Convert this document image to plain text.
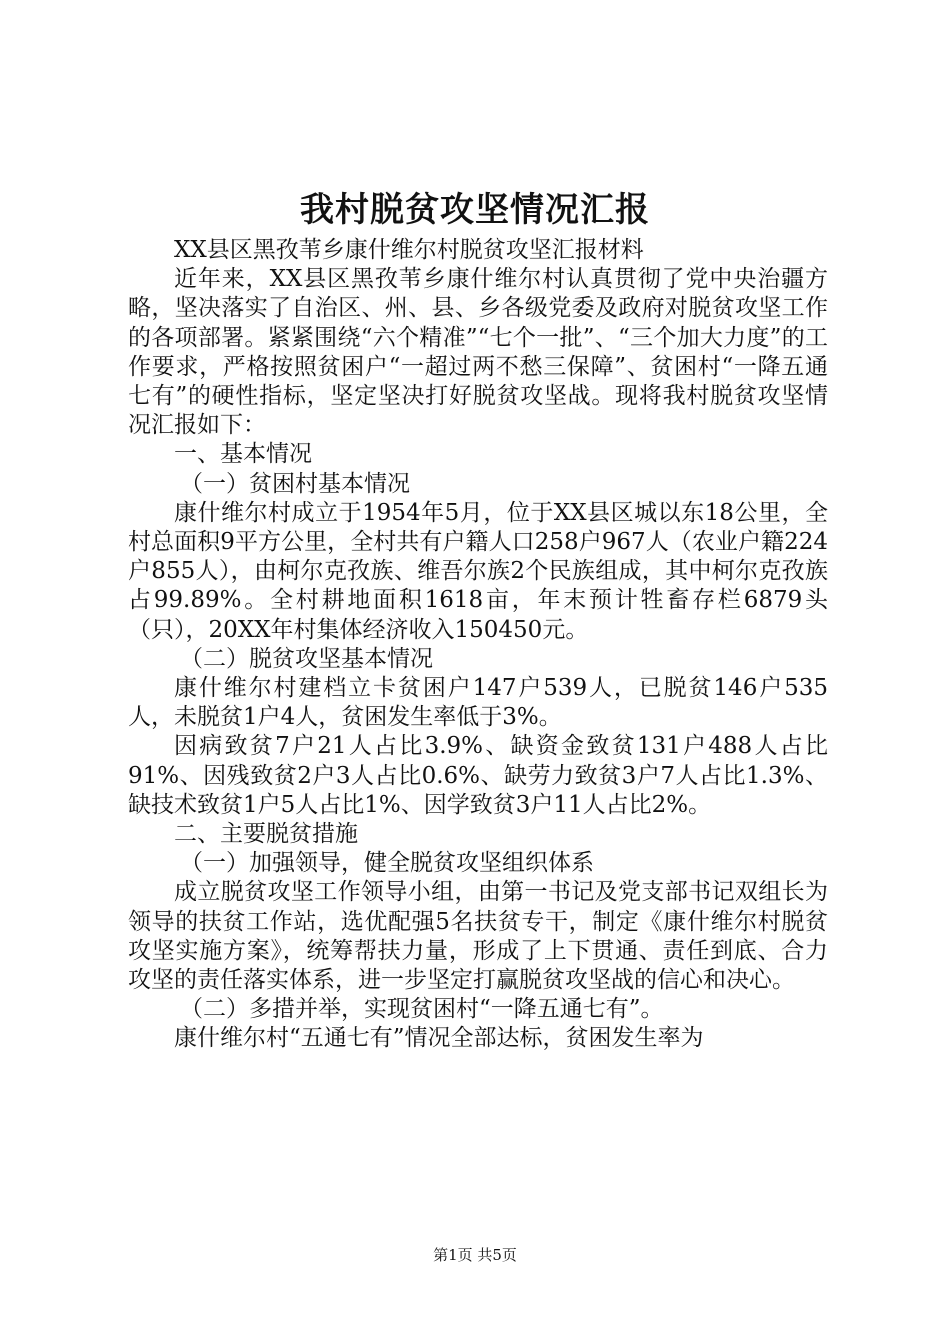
我村脱贫攻坚情况汇报

XX县区黑孜苇乡康什维尔村脱贫攻坚汇报材料

近年来，XX县区黑孜苇乡康什维尔村认真贯彻了党中央治疆方略，坚决落实了自治区、州、县、乡各级党委及政府对脱贫攻坚工作的各项部署。紧紧围绕“六个精准”“七个一批”、“三个加大力度”的工作要求，严格按照贫困户“一超过两不愁三保障”、贫困村“一降五通七有”的硬性指标，坚定坚决打好脱贫攻坚战。现将我村脱贫攻坚情况汇报如下：

一、基本情况

（一）贫困村基本情况

康什维尔村成立于1954年5月，位于XX县区城以东18公里，全村总面积9平方公里，全村共有户籍人口258户967人（农业户籍224户855人），由柯尔克孜族、维吾尔族2个民族组成，其中柯尔克孜族占99.89%。全村耕地面积1618亩，年末预计牲畜存栏6879头（只），20XX年村集体经济收入150450元。

（二）脱贫攻坚基本情况

康什维尔村建档立卡贫困户147户539人，已脱贫146户535人，未脱贫1户4人，贫困发生率低于3%。

因病致贫7户21人占比3.9%、缺资金致贫131户488人占比91%、因残致贫2户3人占比0.6%、缺劳力致贫3户7人占比1.3%、缺技术致贫1户5人占比1%、因学致贫3户11人占比2%。

二、主要脱贫措施

（一）加强领导，健全脱贫攻坚组织体系

成立脱贫攻坚工作领导小组，由第一书记及党支部书记双组长为领导的扶贫工作站，选优配强5名扶贫专干，制定《康什维尔村脱贫攻坚实施方案》，统筹帮扶力量，形成了上下贯通、责任到底、合力攻坚的责任落实体系，进一步坚定打赢脱贫攻坚战的信心和决心。

（二）多措并举，实现贫困村“一降五通七有”。

康什维尔村“五通七有”情况全部达标，贫困发生率为

第1页 共5页
